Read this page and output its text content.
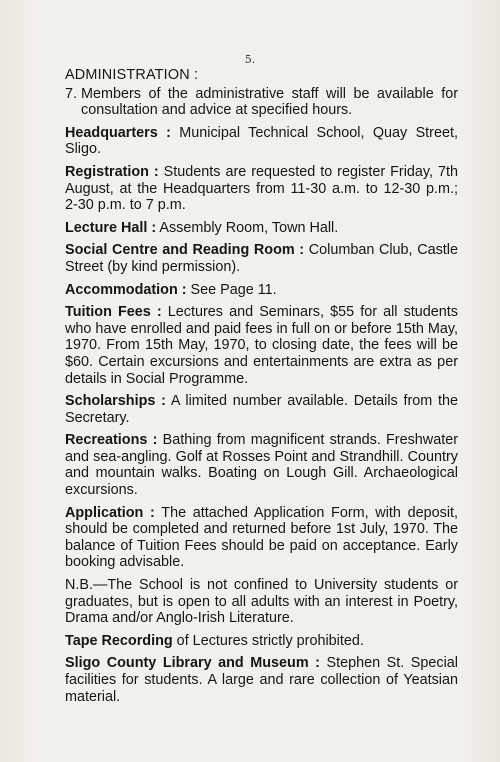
5.
ADMINISTRATION :
7. Members of the administrative staff will be available for consultation and advice at specified hours.

Headquarters : Municipal Technical School, Quay Street, Sligo.

Registration : Students are requested to register Friday, 7th August, at the Headquarters from 11-30 a.m. to 12-30 p.m.; 2-30 p.m. to 7 p.m.

Lecture Hall : Assembly Room, Town Hall.

Social Centre and Reading Room : Columban Club, Castle Street (by kind permission).

Accommodation : See Page 11.

Tuition Fees : Lectures and Seminars, $55 for all students who have enrolled and paid fees in full on or before 15th May, 1970. From 15th May, 1970, to closing date, the fees will be $60. Certain excursions and entertainments are extra as per details in Social Programme.

Scholarships : A limited number available. Details from the Secretary.

Recreations : Bathing from magnificent strands. Freshwater and sea-angling. Golf at Rosses Point and Strandhill. Country and mountain walks. Boating on Lough Gill. Archaeological excursions.

Application : The attached Application Form, with deposit, should be completed and returned before 1st July, 1970. The balance of Tuition Fees should be paid on acceptance. Early booking advisable.

N.B.—The School is not confined to University students or graduates, but is open to all adults with an interest in Poetry, Drama and/or Anglo-Irish Literature.

Tape Recording of Lectures strictly prohibited.

Sligo County Library and Museum : Stephen St. Special facilities for students. A large and rare collection of Yeatsian material.
